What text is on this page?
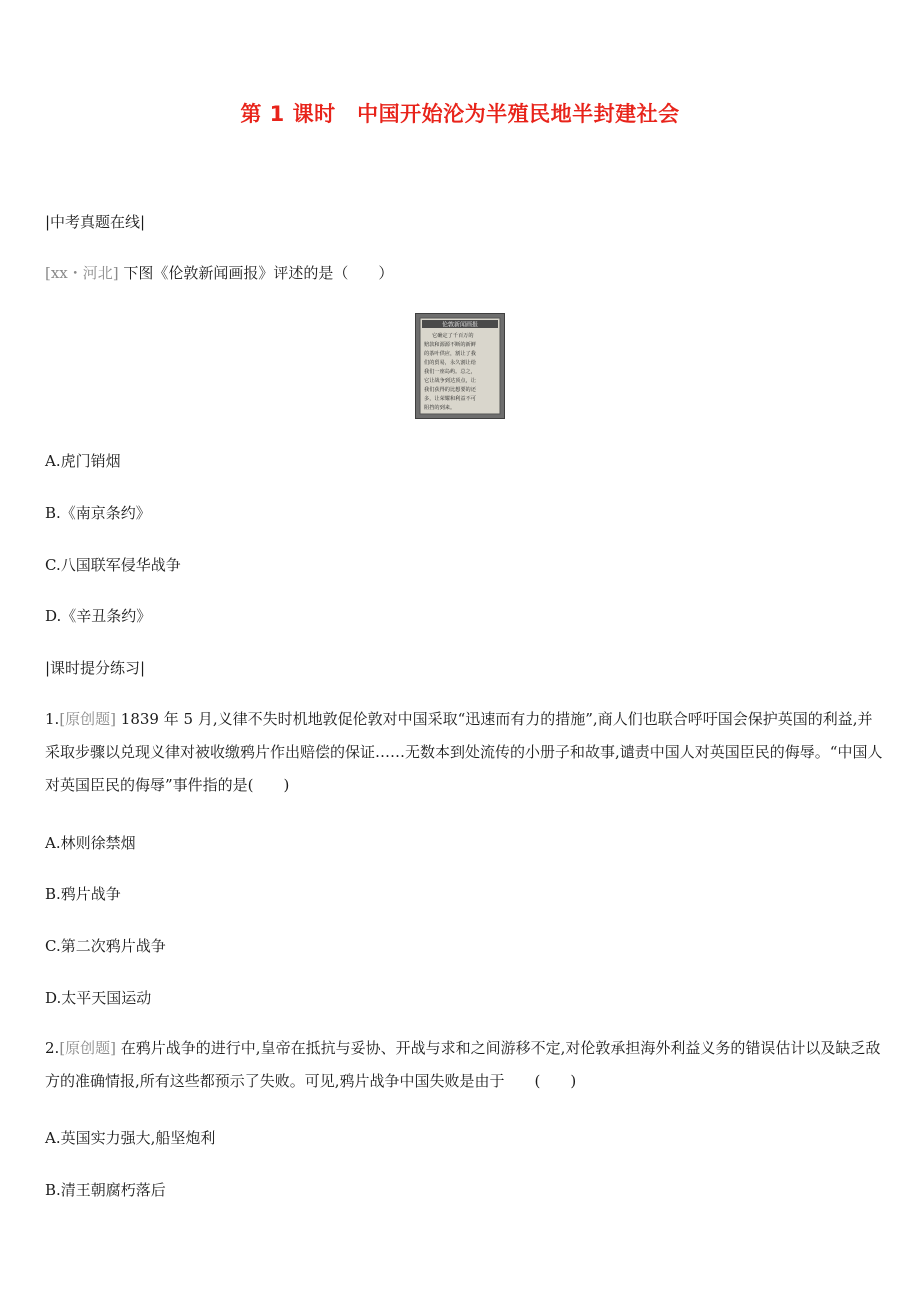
第 1 课时　中国开始沦为半殖民地半封建社会
|中考真题在线|
[xx・河北] 下图《伦敦新闻画报》评述的是（　　）
伦敦新闻画报
它确定了千百万的
赔款和源源不断的新鲜
的茶叶供应，割让了我
们的贸易，永久割让给
我们一座岛屿。总之，
它让战争到达顶点，让
我们获得的比想要的还
多，让荣耀和利益不可
阻挡的到来。
A.虎门销烟
B.《南京条约》
C.八国联军侵华战争
D.《辛丑条约》
|课时提分练习|
1.[原创题] 1839 年 5 月,义律不失时机地敦促伦敦对中国采取“迅速而有力的措施”,商人们也联合呼吁国会保护英国的利益,并采取步骤以兑现义律对被收缴鸦片作出赔偿的保证……无数本到处流传的小册子和故事,谴责中国人对英国臣民的侮辱。“中国人对英国臣民的侮辱”事件指的是(　　)
A.林则徐禁烟
B.鸦片战争
C.第二次鸦片战争
D.太平天国运动
2.[原创题] 在鸦片战争的进行中,皇帝在抵抗与妥协、开战与求和之间游移不定,对伦敦承担海外利益义务的错误估计以及缺乏敌方的准确情报,所有这些都预示了失败。可见,鸦片战争中国失败是由于　　(　　)
A.英国实力强大,船坚炮利
B.清王朝腐朽落后
